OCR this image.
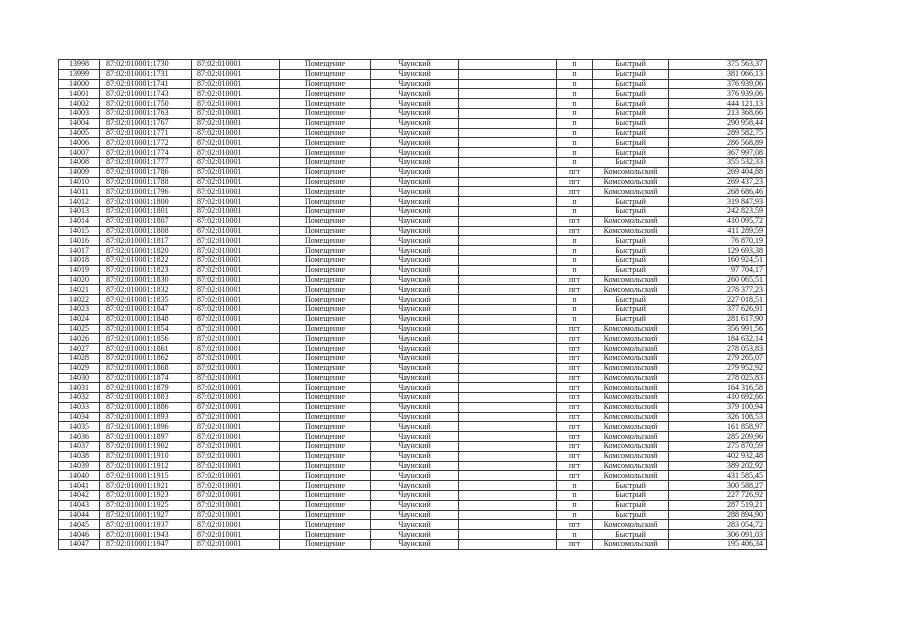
13998	87:02:010001:1730	87:02:010001	Помещение	Чаунский		п	Быстрый	375 563,37
13999	87:02:010001:1731	87:02:010001	Помещение	Чаунский		п	Быстрый	381 066,13
14000	87:02:010001:1741	87:02:010001	Помещение	Чаунский		п	Быстрый	376 939,06
14001	87:02:010001:1743	87:02:010001	Помещение	Чаунский		п	Быстрый	376 939,06
14002	87:02:010001:1750	87:02:010001	Помещение	Чаунский		п	Быстрый	444 121,13
14003	87:02:010001:1763	87:02:010001	Помещение	Чаунский		п	Быстрый	213 368,66
14004	87:02:010001:1767	87:02:010001	Помещение	Чаунский		п	Быстрый	290 958,44
14005	87:02:010001:1771	87:02:010001	Помещение	Чаунский		п	Быстрый	289 582,75
14006	87:02:010001:1772	87:02:010001	Помещение	Чаунский		п	Быстрый	286 568,89
14007	87:02:010001:1774	87:02:010001	Помещение	Чаунский		п	Быстрый	367 997,08
14008	87:02:010001:1777	87:02:010001	Помещение	Чаунский		п	Быстрый	355 532,33
14009	87:02:010001:1786	87:02:010001	Помещение	Чаунский		пгт	Комсомольский	269 404,88
14010	87:02:010001:1788	87:02:010001	Помещение	Чаунский		пгт	Комсомольский	269 437,23
14011	87:02:010001:1796	87:02:010001	Помещение	Чаунский		пгт	Комсомольский	268 686,46
14012	87:02:010001:1800	87:02:010001	Помещение	Чаунский		п	Быстрый	319 847,93
14013	87:02:010001:1801	87:02:010001	Помещение	Чаунский		п	Быстрый	242 823,59
14014	87:02:010001:1807	87:02:010001	Помещение	Чаунский		пгт	Комсомольский	410 095,72
14015	87:02:010001:1808	87:02:010001	Помещение	Чаунский		пгт	Комсомольский	411 289,59
14016	87:02:010001:1817	87:02:010001	Помещение	Чаунский		п	Быстрый	76 870,19
14017	87:02:010001:1820	87:02:010001	Помещение	Чаунский		п	Быстрый	129 693,38
14018	87:02:010001:1822	87:02:010001	Помещение	Чаунский		п	Быстрый	160 924,51
14019	87:02:010001:1823	87:02:010001	Помещение	Чаунский		п	Быстрый	97 704,17
14020	87:02:010001:1830	87:02:010001	Помещение	Чаунский		пгт	Комсомольский	260 065,51
14021	87:02:010001:1832	87:02:010001	Помещение	Чаунский		пгт	Комсомольский	278 377,23
14022	87:02:010001:1835	87:02:010001	Помещение	Чаунский		п	Быстрый	227 018,51
14023	87:02:010001:1847	87:02:010001	Помещение	Чаунский		п	Быстрый	377 626,91
14024	87:02:010001:1848	87:02:010001	Помещение	Чаунский		п	Быстрый	281 617,90
14025	87:02:010001:1854	87:02:010001	Помещение	Чаунский		пгт	Комсомольский	356 991,56
14026	87:02:010001:1856	87:02:010001	Помещение	Чаунский		пгт	Комсомольский	184 632,14
14027	87:02:010001:1861	87:02:010001	Помещение	Чаунский		пгт	Комсомольский	278 053,83
14028	87:02:010001:1862	87:02:010001	Помещение	Чаунский		пгт	Комсомольский	279 265,07
14029	87:02:010001:1868	87:02:010001	Помещение	Чаунский		пгт	Комсомольский	279 952,92
14030	87:02:010001:1874	87:02:010001	Помещение	Чаунский		пгт	Комсомольский	278 025,83
14031	87:02:010001:1879	87:02:010001	Помещение	Чаунский		пгт	Комсомольский	164 316,58
14032	87:02:010001:1883	87:02:010001	Помещение	Чаунский		пгт	Комсомольский	410 692,66
14033	87:02:010001:1886	87:02:010001	Помещение	Чаунский		пгт	Комсомольский	379 100,94
14034	87:02:010001:1893	87:02:010001	Помещение	Чаунский		пгт	Комсомольский	326 108,53
14035	87:02:010001:1896	87:02:010001	Помещение	Чаунский		пгт	Комсомольский	161 858,97
14036	87:02:010001:1897	87:02:010001	Помещение	Чаунский		пгт	Комсомольский	285 209,96
14037	87:02:010001:1902	87:02:010001	Помещение	Чаунский		пгт	Комсомольский	275 870,59
14038	87:02:010001:1910	87:02:010001	Помещение	Чаунский		пгт	Комсомольский	402 932,48
14039	87:02:010001:1912	87:02:010001	Помещение	Чаунский		пгт	Комсомольский	389 202,92
14040	87:02:010001:1915	87:02:010001	Помещение	Чаунский		пгт	Комсомольский	431 585,45
14041	87:02:010001:1921	87:02:010001	Помещение	Чаунский		п	Быстрый	300 588,27
14042	87:02:010001:1923	87:02:010001	Помещение	Чаунский		п	Быстрый	227 726,92
14043	87:02:010001:1925	87:02:010001	Помещение	Чаунский		п	Быстрый	287 519,21
14044	87:02:010001:1927	87:02:010001	Помещение	Чаунский		п	Быстрый	288 894,90
14045	87:02:010001:1937	87:02:010001	Помещение	Чаунский		пгт	Комсомольский	283 054,72
14046	87:02:010001:1943	87:02:010001	Помещение	Чаунский		п	Быстрый	306 091,03
14047	87:02:010001:1947	87:02:010001	Помещение	Чаунский		пгт	Комсомольский	195 406,34
